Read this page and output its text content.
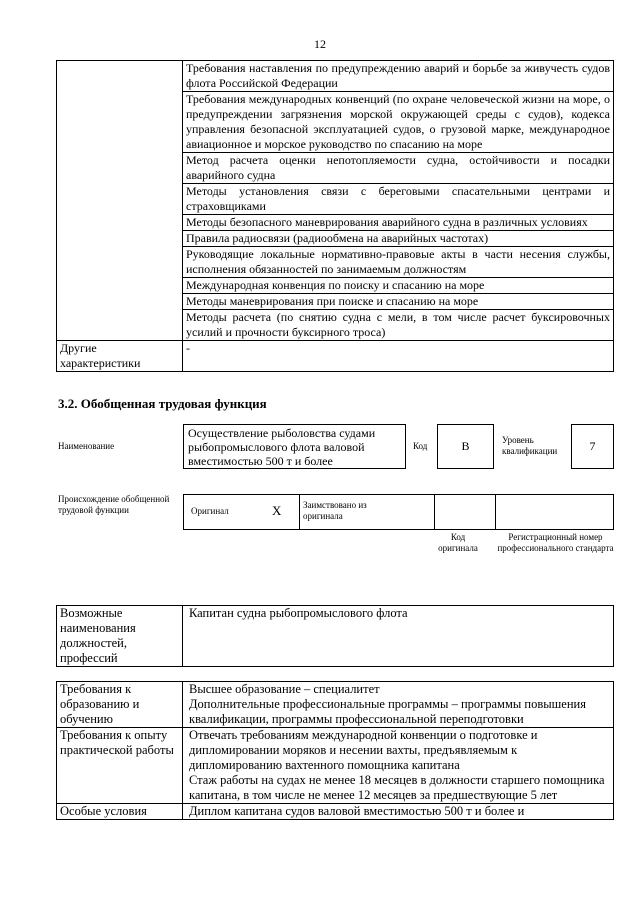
12
	Требования наставления по предупреждению аварий и борьбе за живучесть судов флота Российской Федерации
	Требования международных конвенций (по охране человеческой жизни на море, о предупреждении загрязнения морской окружающей среды с судов), кодекса управления безопасной эксплуатацией судов, о грузовой марке, международное авиационное и морское руководство по спасанию на море
	Метод расчета оценки непотопляемости судна, остойчивости и посадки аварийного судна
	Методы установления связи с береговыми спасательными центрами и страховщиками
	Методы безопасного маневрирования аварийного судна в различных условиях
	Правила радиосвязи (радиообмена на аварийных частотах)
	Руководящие локальные нормативно-правовые акты в части несения службы, исполнения обязанностей по занимаемым должностям
	Международная конвенция по поиску и спасанию на море
	Методы маневрирования при поиске и спасанию на море
	Методы расчета (по снятию судна с мели, в том числе расчет буксировочных усилий и прочности буксирного троса)
Другие характеристики	-
3.2. Обобщенная трудовая функция
Наименование
Осуществление рыболовства судами рыбопромыслового флота валовой вместимостью 500 т и более
Код	B	Уровень квалификации	7
Происхождение обобщенной трудовой функции	Оригинал	X Заимствовано из оригинала
Код оригинала
Регистрационный номер профессионального стандарта
Возможные наименования должностей, профессий	Капитан судна рыбопромыслового флота
Требования к образованию и обучению	Высшее образование – специалитет

Дополнительные профессиональные программы – программы повышения квалификации, программы профессиональной переподготовки

Требования к опыту практической работы	Отвечать требованиям международной конвенции о подготовке и дипломировании моряков и несении вахты, предъявляемым к дипломированию вахтенного помощника капитана

Стаж работы на судах не менее 18 месяцев в должности старшего помощника капитана, в том числе не менее 12 месяцев за предшествующие 5 лет

Особые условия	Диплом капитана судов валовой вместимостью 500 т и более и
